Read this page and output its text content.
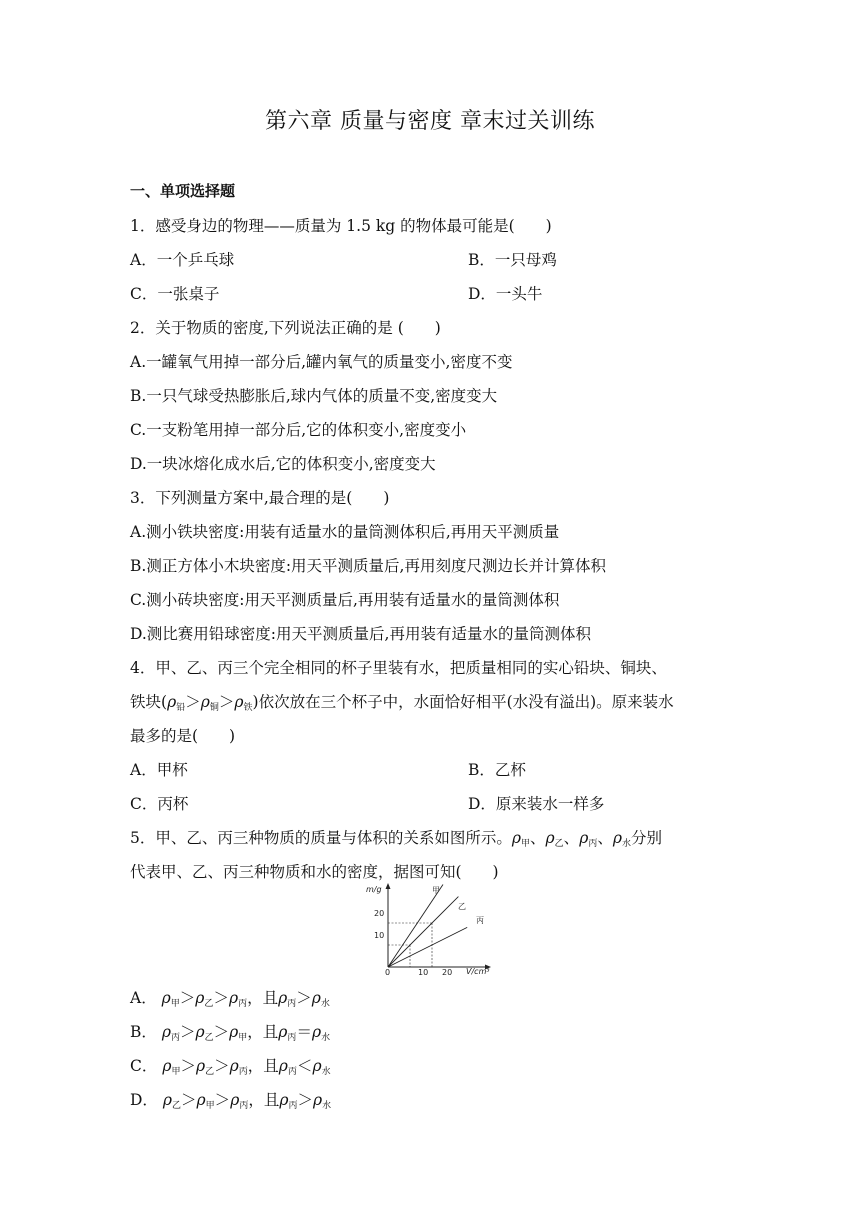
第六章 质量与密度 章末过关训练
一、单项选择题
1．感受身边的物理——质量为 1.5 kg 的物体最可能是(　　)
A．一个乒乓球	B．一只母鸡
C．一张桌子	D．一头牛
2．关于物质的密度,下列说法正确的是 (　　)
A.一罐氧气用掉一部分后,罐内氧气的质量变小,密度不变
B.一只气球受热膨胀后,球内气体的质量不变,密度变大
C.一支粉笔用掉一部分后,它的体积变小,密度变小
D.一块冰熔化成水后,它的体积变小,密度变大
3．下列测量方案中,最合理的是(　　)
A.测小铁块密度:用装有适量水的量筒测体积后,再用天平测质量
B.测正方体小木块密度:用天平测质量后,再用刻度尺测边长并计算体积
C.测小砖块密度:用天平测质量后,再用装有适量水的量筒测体积
D.测比赛用铅球密度:用天平测质量后,再用装有适量水的量筒测体积
4．甲、乙、丙三个完全相同的杯子里装有水，把质量相同的实心铅块、铜块、
铁块$(\rho_铅>\rho_铜>\rho_铁)$依次放在三个杯子中，水面恰好相平(水没有溢出)。原来装水
最多的是(　　)
A．甲杯	B．乙杯
C．丙杯	D．原来装水一样多
5．甲、乙、丙三种物质的质量与体积的关系如图所示。$\rho_甲$、$\rho_乙$、$\rho_丙$、$\rho_水$分别
代表甲、乙、丙三种物质和水的密度，据图可知(　　)
m/g
V/cm³
0
10
20
10 20
甲
乙
丙
A． $\rho_甲>\rho_乙>\rho_丙$，且$\rho_丙>\rho_水$
B． $\rho_丙>\rho_乙>\rho_甲$，且$\rho_丙=\rho_水$
C． $\rho_甲>\rho_乙>\rho_丙$，且$\rho_丙<\rho_水$
D． $\rho_乙>\rho_甲>\rho_丙$，且$\rho_丙>\rho_水$
